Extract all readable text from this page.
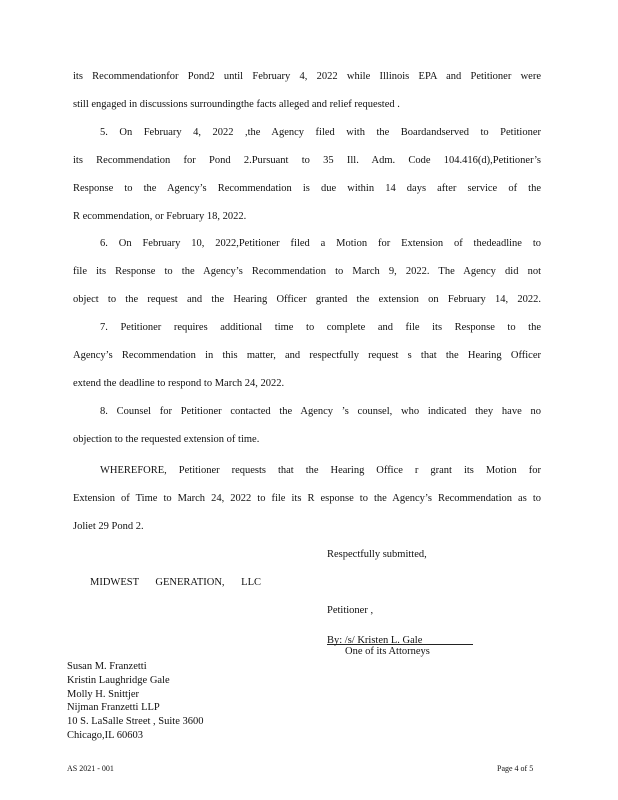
its Recommendationfor Pond2 until February 4, 2022 while Illinois EPA and Petitioner were
still engaged in discussions surroundingthe facts alleged and relief requested .
5. On February 4, 2022 ,the Agency filed with the Boardandserved to Petitioner
its Recommendation for Pond 2.Pursuant to 35 Ill. Adm. Code 104.416(d),Petitioner’s
Response to the Agency’s Recommendation is due within 14 days after service of the
R ecommendation, or February 18, 2022.
6. On February 10, 2022,Petitioner filed a Motion for Extension of thedeadline to
file its Response to the Agency’s Recommendation to March 9, 2022. The Agency did not
object to the request and the Hearing Officer granted the extension on February 14, 2022.
7. Petitioner requires additional time to complete and file its Response to the
Agency’s Recommendation in this matter, and respectfully request s that the Hearing Officer
extend the deadline to respond to March 24, 2022.
8. Counsel for Petitioner contacted the Agency ’s counsel, who indicated they have no
objection to the requested extension of time.
WHEREFORE, Petitioner requests that the Hearing Office r grant its Motion for
Extension of Time to March 24, 2022 to file its R esponse to the Agency’s Recommendation as to
Joliet 29 Pond 2.
Respectfully submitted,
MIDWEST GENERATION, LLC
Petitioner ,
By: /s/ Kristen L. Gale
One of its Attorneys
Susan M. Franzetti
Kristin Laughridge Gale
Molly H. Snittjer
Nijman Franzetti LLP
10 S. LaSalle Street , Suite 3600
Chicago,IL 60603
AS 2021 - 001	Page 4 of 5
